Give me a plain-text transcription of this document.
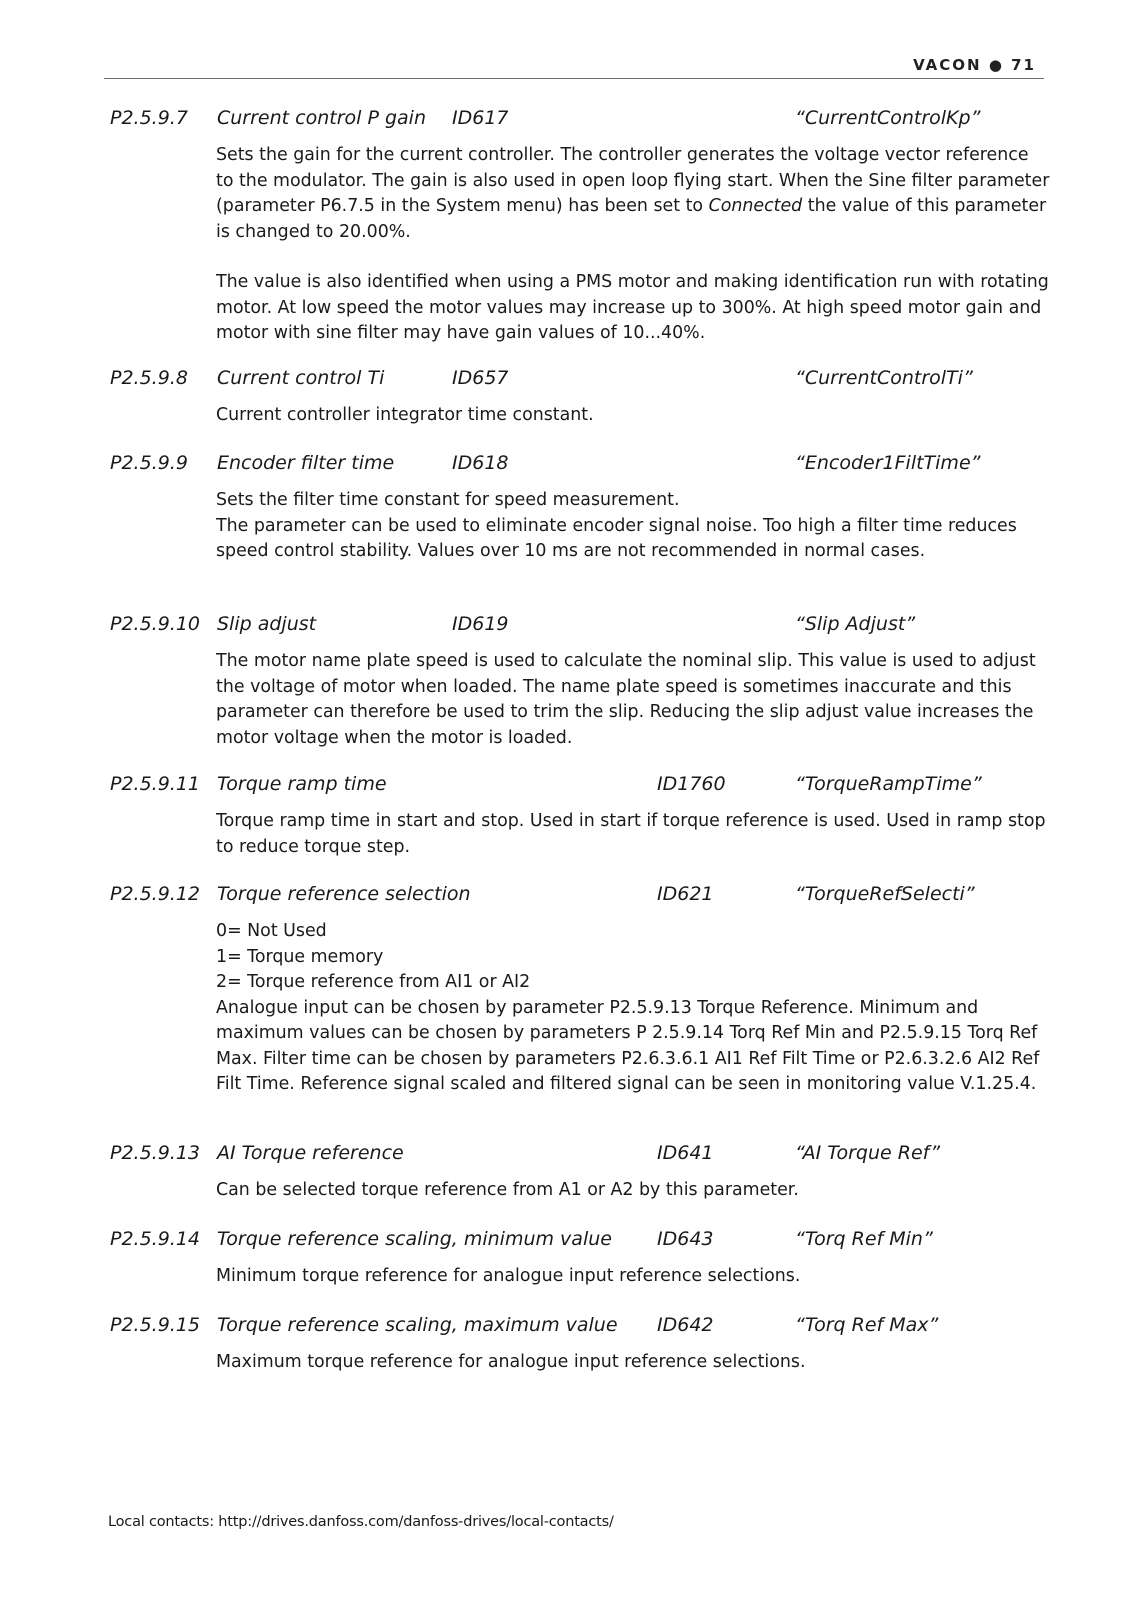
VACON ● 71
P2.5.9.7 Current control P gain ID617	“CurrentControlKp”

Sets the gain for the current controller. The controller generates the voltage vector reference to the modulator. The gain is also used in open loop flying start. When the Sine filter parameter (parameter P6.7.5 in the System menu) has been set to Connected the value of this parameter is changed to 20.00%.

The value is also identified when using a PMS motor and making identification run with rotating motor. At low speed the motor values may increase up to 300%. At high speed motor gain and motor with sine filter may have gain values of 10...40%.

P2.5.9.8 Current control Ti	ID657	“CurrentControlTi”

Current controller integrator time constant.

P2.5.9.9 Encoder filter time	ID618	“Encoder1FiltTime”

Sets the filter time constant for speed measurement.

The parameter can be used to eliminate encoder signal noise. Too high a filter time reduces speed control stability. Values over 10 ms are not recommended in normal cases.

P2.5.9.10 Slip adjust	ID619	“Slip Adjust”

The motor name plate speed is used to calculate the nominal slip. This value is used to adjust the voltage of motor when loaded. The name plate speed is sometimes inaccurate and this parameter can therefore be used to trim the slip. Reducing the slip adjust value increases the motor voltage when the motor is loaded.

P2.5.9.11 Torque ramp time	ID1760	“TorqueRampTime”

Torque ramp time in start and stop. Used in start if torque reference is used. Used in ramp stop to reduce torque step.

P2.5.9.12 Torque reference selection	ID621	“TorqueRefSelecti”

0= Not Used

1= Torque memory

2= Torque reference from AI1 or AI2

Analogue input can be chosen by parameter P2.5.9.13 Torque Reference. Minimum and maximum values can be chosen by parameters P 2.5.9.14 Torq Ref Min and P2.5.9.15 Torq Ref Max. Filter time can be chosen by parameters P2.6.3.6.1 AI1 Ref Filt Time or P2.6.3.2.6 AI2 Ref Filt Time. Reference signal scaled and filtered signal can be seen in monitoring value V.1.25.4.

P2.5.9.13 AI Torque reference	ID641	“AI Torque Ref”

Can be selected torque reference from A1 or A2 by this parameter.

P2.5.9.14 Torque reference scaling, minimum value ID643	“Torq Ref Min”

Minimum torque reference for analogue input reference selections.

P2.5.9.15 Torque reference scaling, maximum value ID642	“Torq Ref Max”

Maximum torque reference for analogue input reference selections.

Local contacts: http://drives.danfoss.com/danfoss-drives/local-contacts/
